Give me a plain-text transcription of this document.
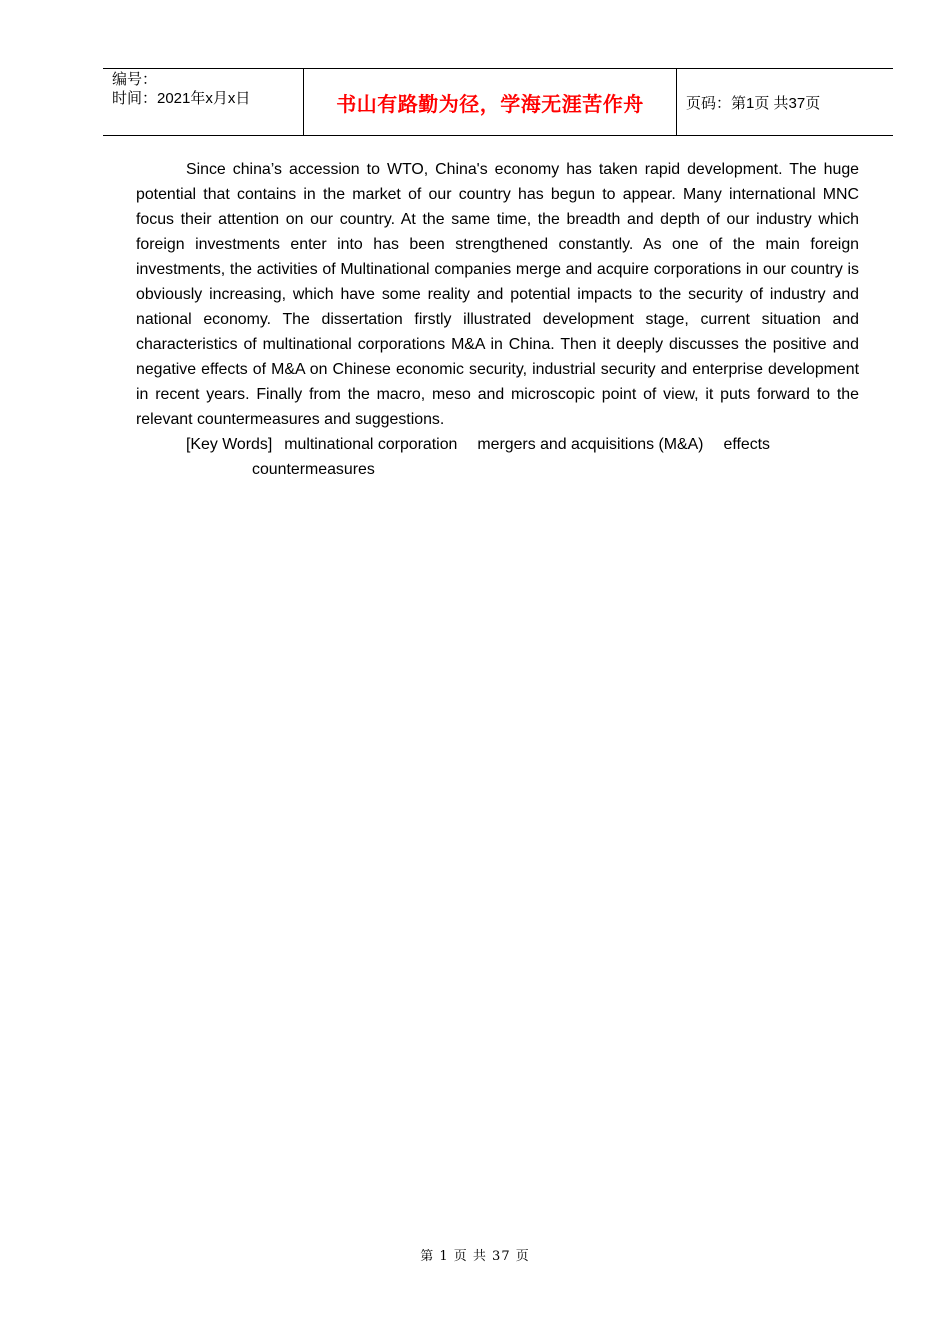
编号：
时间：2021年x月x日	书山有路勤为径，学海无涯苦作舟	页码：第1页 共37页

Since china’s accession to WTO, China's economy has taken rapid development. The huge potential that contains in the market of our country has begun to appear. Many international MNC focus their attention on our country. At the same time, the breadth and depth of our industry which foreign investments enter into has been strengthened constantly. As one of the main foreign investments, the activities of Multinational companies merge and acquire corporations in our country is obviously increasing, which have some reality and potential impacts to the security of industry and national economy. The dissertation firstly illustrated development stage, current situation and characteristics of multinational corporations M&A in China. Then it deeply discusses the positive and negative effects of M&A on Chinese economic security, industrial security and enterprise development in recent years. Finally from the macro, meso and microscopic point of view, it puts forward to the relevant countermeasures and suggestions.

[Key Words] multinational corporation mergers and acquisitions (M&A) effects
countermeasures
第 1 页 共 37 页
